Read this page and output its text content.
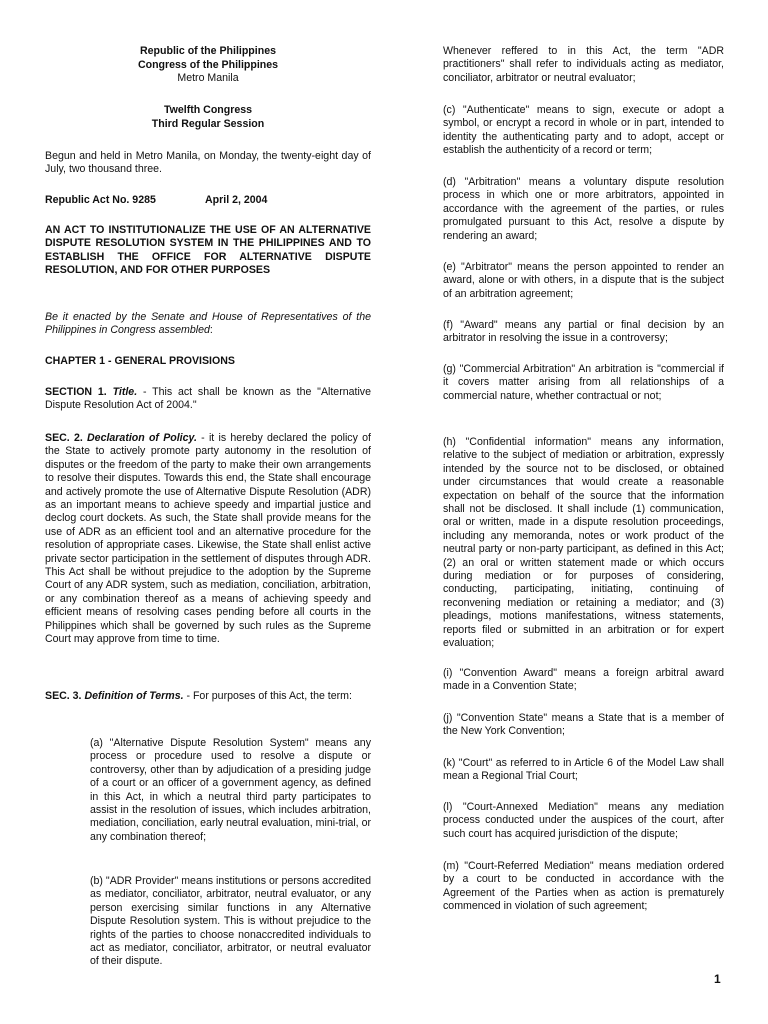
Republic of the Philippines
Congress of the Philippines
Metro Manila
Twelfth Congress
Third Regular Session

Begun and held in Metro Manila, on Monday, the twenty-eight day of July, two thousand three.

Republic Act No. 9285	April 2, 2004

AN ACT TO INSTITUTIONALIZE THE USE OF AN ALTERNATIVE DISPUTE RESOLUTION SYSTEM IN THE PHILIPPINES AND TO ESTABLISH THE OFFICE FOR ALTERNATIVE DISPUTE RESOLUTION, AND FOR OTHER PURPOSES

Be it enacted by the Senate and House of Representatives of the Philippines in Congress assembled:

CHAPTER 1 - GENERAL PROVISIONS

SECTION 1. Title. - This act shall be known as the "Alternative Dispute Resolution Act of 2004."

SEC. 2. Declaration of Policy. - it is hereby declared the policy of the State to actively promote party autonomy in the resolution of disputes or the freedom of the party to make their own arrangements to resolve their disputes. Towards this end, the State shall encourage and actively promote the use of Alternative Dispute Resolution (ADR) as an important means to achieve speedy and impartial justice and declog court dockets. As such, the State shall provide means for the use of ADR as an efficient tool and an alternative procedure for the resolution of appropriate cases. Likewise, the State shall enlist active private sector participation in the settlement of disputes through ADR. This Act shall be without prejudice to the adoption by the Supreme Court of any ADR system, such as mediation, conciliation, arbitration, or any combination thereof as a means of achieving speedy and efficient means of resolving cases pending before all courts in the Philippines which shall be governed by such rules as the Supreme Court may approve from time to time.

SEC. 3. Definition of Terms. - For purposes of this Act, the term:

(a) "Alternative Dispute Resolution System" means any process or procedure used to resolve a dispute or controversy, other than by adjudication of a presiding judge of a court or an officer of a government agency, as defined in this Act, in which a neutral third party participates to assist in the resolution of issues, which includes arbitration, mediation, conciliation, early neutral evaluation, mini-trial, or any combination thereof;

(b) "ADR Provider" means institutions or persons accredited as mediator, conciliator, arbitrator, neutral evaluator, or any person exercising similar functions in any Alternative Dispute Resolution system. This is without prejudice to the rights of the parties to choose nonaccredited individuals to act as mediator, conciliator, arbitrator, or neutral evaluator of their dispute.

Whenever reffered to in this Act, the term "ADR practitioners" shall refer to individuals acting as mediator, conciliator, arbitrator or neutral evaluator;

(c) "Authenticate" means to sign, execute or adopt a symbol, or encrypt a record in whole or in part, intended to identity the authenticating party and to adopt, accept or establish the authenticity of a record or term;

(d) "Arbitration" means a voluntary dispute resolution process in which one or more arbitrators, appointed in accordance with the agreement of the parties, or rules promulgated pursuant to this Act, resolve a dispute by rendering an award;

(e) "Arbitrator" means the person appointed to render an award, alone or with others, in a dispute that is the subject of an arbitration agreement;

(f) "Award" means any partial or final decision by an arbitrator in resolving the issue in a controversy;

(g) "Commercial Arbitration" An arbitration is "commercial if it covers matter arising from all relationships of a commercial nature, whether contractual or not;

(h) "Confidential information" means any information, relative to the subject of mediation or arbitration, expressly intended by the source not to be disclosed, or obtained under circumstances that would create a reasonable expectation on behalf of the source that the information shall not be disclosed. It shall include (1) communication, oral or written, made in a dispute resolution proceedings, including any memoranda, notes or work product of the neutral party or non-party participant, as defined in this Act; (2) an oral or written statement made or which occurs during mediation or for purposes of considering, conducting, participating, initiating, continuing of reconvening mediation or retaining a mediator; and (3) pleadings, motions manifestations, witness statements, reports filed or submitted in an arbitration or for expert evaluation;

(i) "Convention Award" means a foreign arbitral award made in a Convention State;

(j) "Convention State" means a State that is a member of the New York Convention;

(k) "Court" as referred to in Article 6 of the Model Law shall mean a Regional Trial Court;

(l) "Court-Annexed Mediation" means any mediation process conducted under the auspices of the court, after such court has acquired jurisdiction of the dispute;

(m) "Court-Referred Mediation" means mediation ordered by a court to be conducted in accordance with the Agreement of the Parties when as action is prematurely commenced in violation of such agreement;

1
